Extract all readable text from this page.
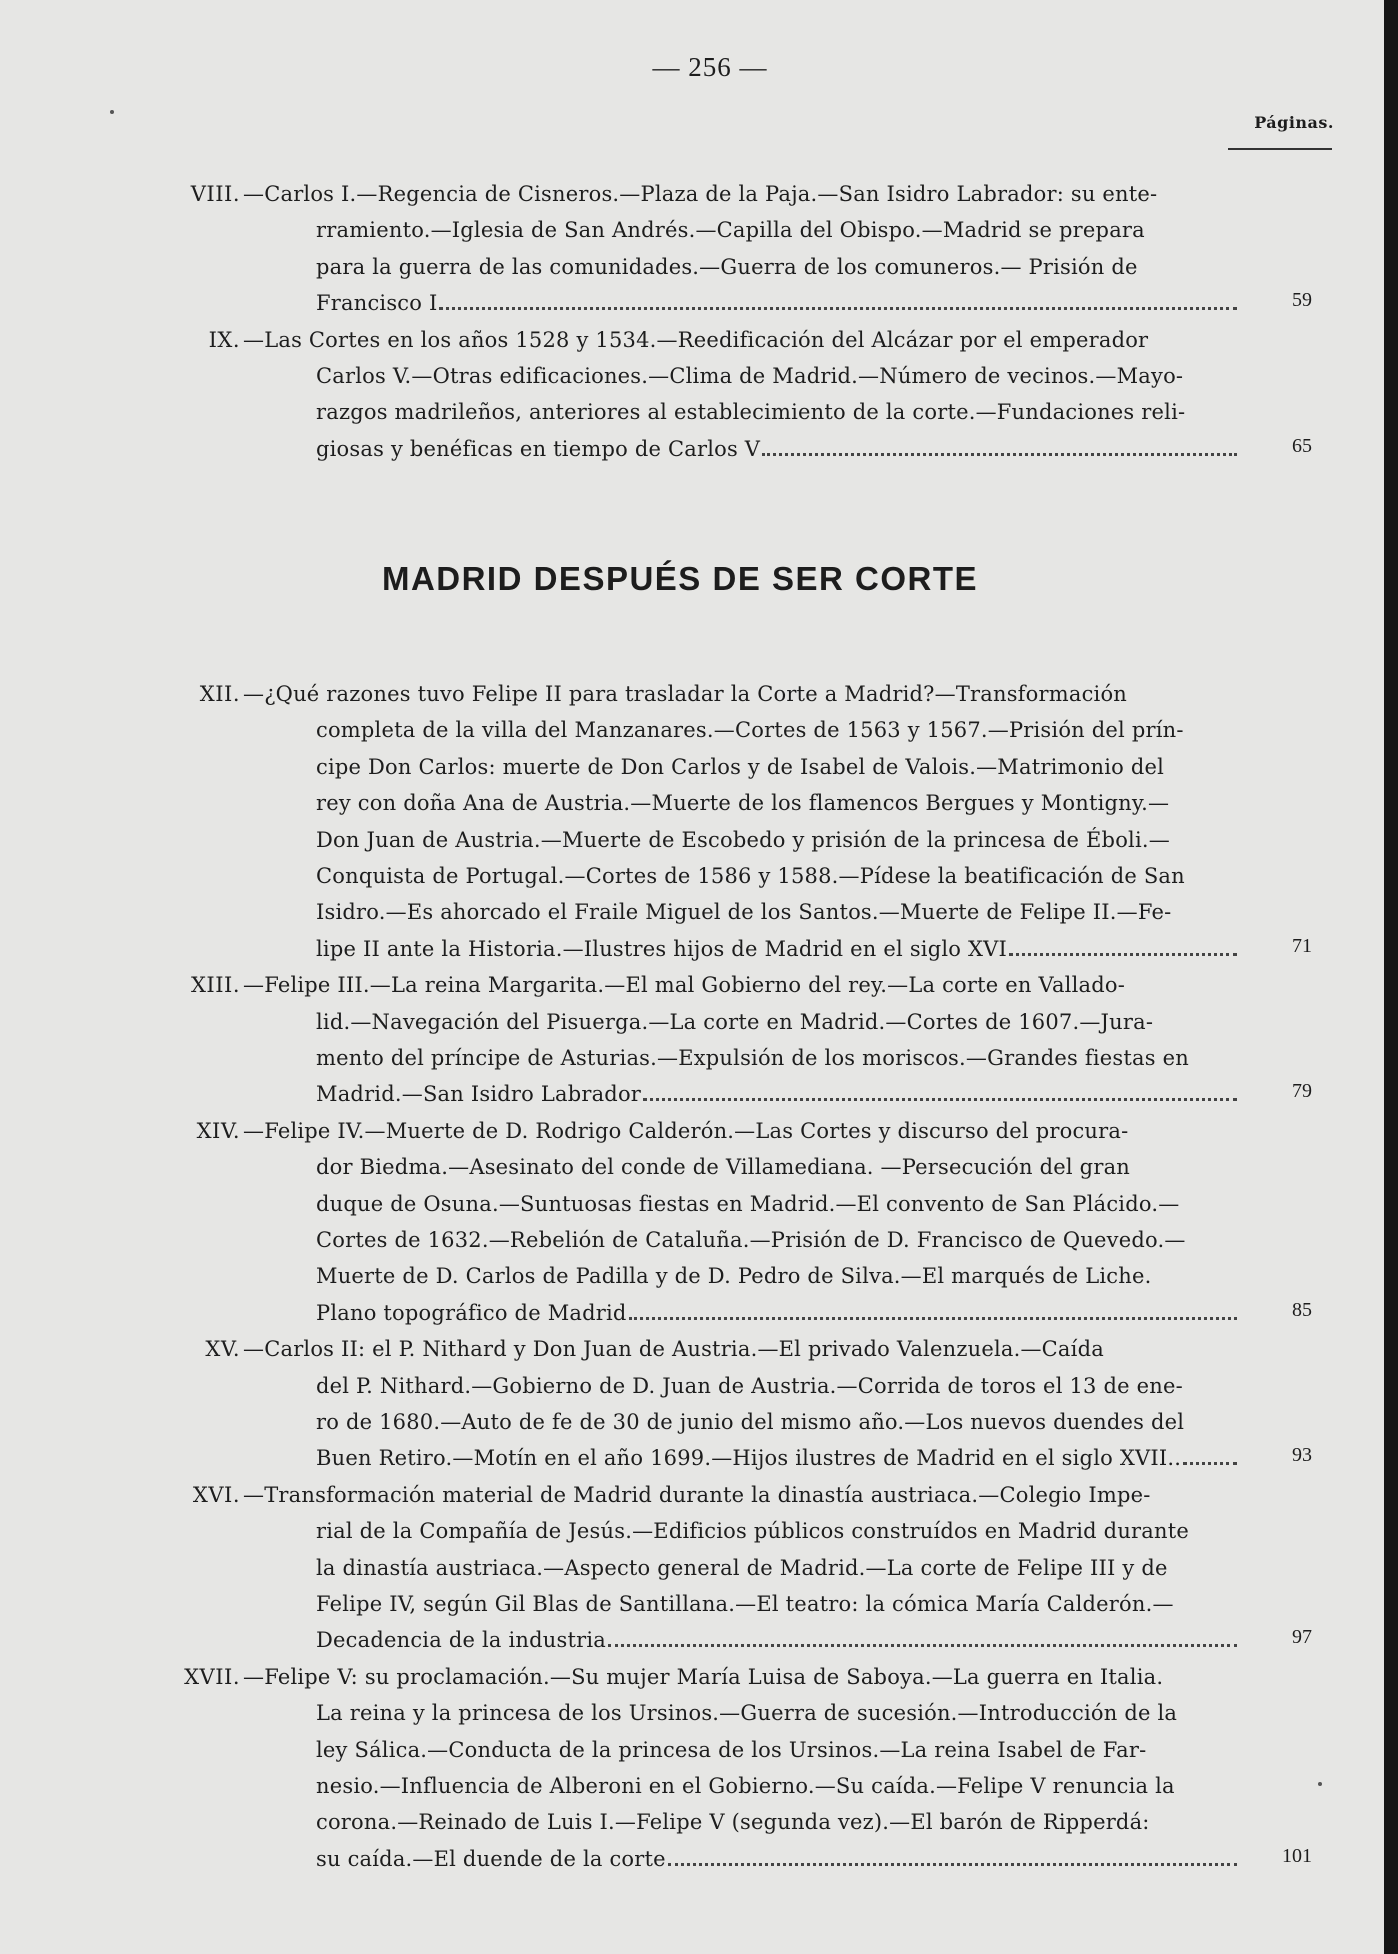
— 256 —
Páginas.
VIII. —Carlos I.—Regencia de Cisneros.—Plaza de la Paja.—San Isidro Labrador: su ente-
rramiento.—Iglesia de San Andrés.—Capilla del Obispo.—Madrid se prepara
para la guerra de las comunidades.—Guerra de los comuneros.— Prisión de
Francisco I	59
IX. —Las Cortes en los años 1528 y 1534.—Reedificación del Alcázar por el emperador
Carlos V.—Otras edificaciones.—Clima de Madrid.—Número de vecinos.—Mayo-
razgos madrileños, anteriores al establecimiento de la corte.—Fundaciones reli-
giosas y benéficas en tiempo de Carlos V	65
MADRID DESPUÉS DE SER CORTE
XII. —¿Qué razones tuvo Felipe II para trasladar la Corte a Madrid?—Transformación
completa de la villa del Manzanares.—Cortes de 1563 y 1567.—Prisión del prín-
cipe Don Carlos: muerte de Don Carlos y de Isabel de Valois.—Matrimonio del
rey con doña Ana de Austria.—Muerte de los flamencos Bergues y Montigny.—
Don Juan de Austria.—Muerte de Escobedo y prisión de la princesa de Éboli.—
Conquista de Portugal.—Cortes de 1586 y 1588.—Pídese la beatificación de San
Isidro.—Es ahorcado el Fraile Miguel de los Santos.—Muerte de Felipe II.—Fe-
lipe II ante la Historia.—Ilustres hijos de Madrid en el siglo XVI	71
XIII. —Felipe III.—La reina Margarita.—El mal Gobierno del rey.—La corte en Vallado-
lid.—Navegación del Pisuerga.—La corte en Madrid.—Cortes de 1607.—Jura-
mento del príncipe de Asturias.—Expulsión de los moriscos.—Grandes fiestas en
Madrid.—San Isidro Labrador	79
XIV. —Felipe IV.—Muerte de D. Rodrigo Calderón.—Las Cortes y discurso del procura-
dor Biedma.—Asesinato del conde de Villamediana. —Persecución del gran
duque de Osuna.—Suntuosas fiestas en Madrid.—El convento de San Plácido.—
Cortes de 1632.—Rebelión de Cataluña.—Prisión de D. Francisco de Quevedo.—
Muerte de D. Carlos de Padilla y de D. Pedro de Silva.—El marqués de Liche.
Plano topográfico de Madrid	85
XV. —Carlos II: el P. Nithard y Don Juan de Austria.—El privado Valenzuela.—Caída
del P. Nithard.—Gobierno de D. Juan de Austria.—Corrida de toros el 13 de ene-
ro de 1680.—Auto de fe de 30 de junio del mismo año.—Los nuevos duendes del
Buen Retiro.—Motín en el año 1699.—Hijos ilustres de Madrid en el siglo XVII..	93
XVI. —Transformación material de Madrid durante la dinastía austriaca.—Colegio Impe-
rial de la Compañía de Jesús.—Edificios públicos construídos en Madrid durante
la dinastía austriaca.—Aspecto general de Madrid.—La corte de Felipe III y de
Felipe IV, según Gil Blas de Santillana.—El teatro: la cómica María Calderón.—
Decadencia de la industria	97
XVII. —Felipe V: su proclamación.—Su mujer María Luisa de Saboya.—La guerra en Italia.
La reina y la princesa de los Ursinos.—Guerra de sucesión.—Introducción de la
ley Sálica.—Conducta de la princesa de los Ursinos.—La reina Isabel de Far-
nesio.—Influencia de Alberoni en el Gobierno.—Su caída.—Felipe V renuncia la
corona.—Reinado de Luis I.—Felipe V (segunda vez).—El barón de Ripperdá:
su caída.—El duende de la corte	101
